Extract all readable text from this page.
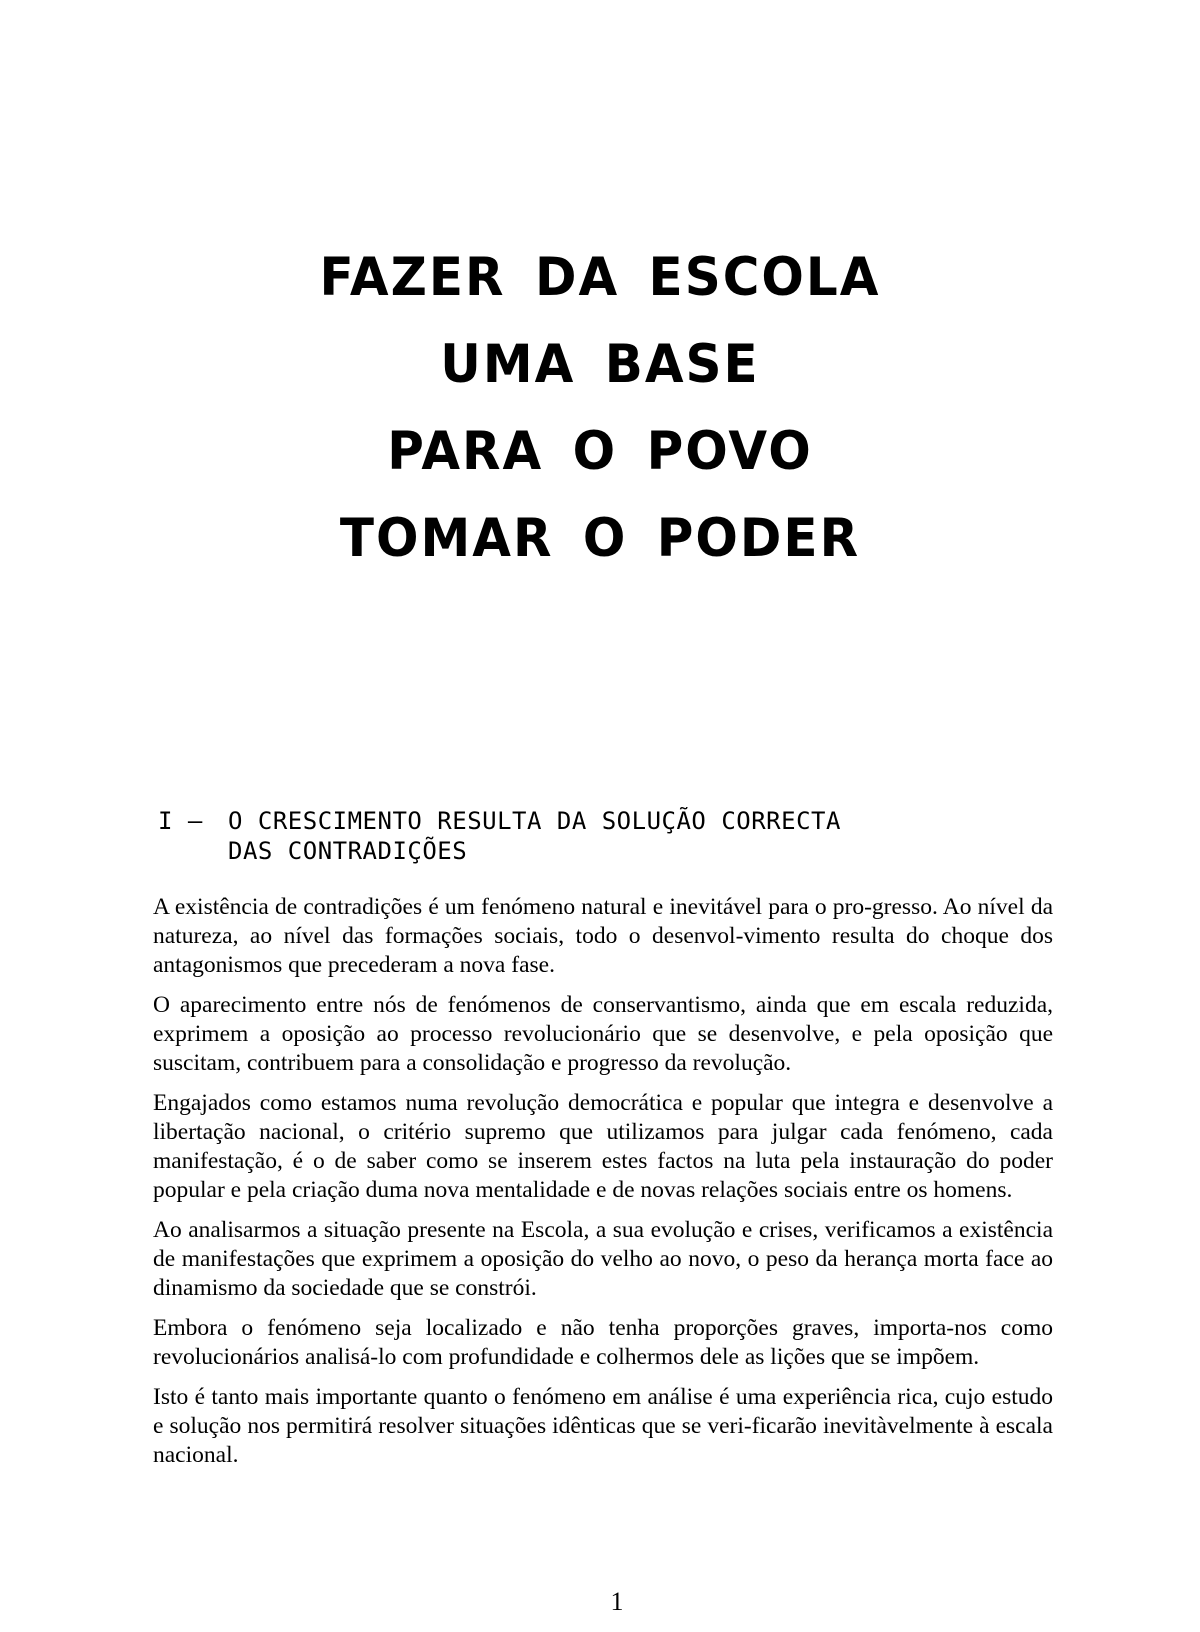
FAZER DA ESCOLA
UMA BASE
PARA O POVO
TOMAR O PODER
I – O CRESCIMENTO RESULTA DA SOLUÇÃO CORRECTA
DAS CONTRADIÇÕES

A existência de contradições é um fenómeno natural e inevitável para o pro-gresso. Ao nível da natureza, ao nível das formações sociais, todo o desenvol-vimento resulta do choque dos antagonismos que precederam a nova fase.

O aparecimento entre nós de fenómenos de conservantismo, ainda que em escala reduzida, exprimem a oposição ao processo revolucionário que se desenvolve, e pela oposição que suscitam, contribuem para a consolidação e progresso da revolução.

Engajados como estamos numa revolução democrática e popular que integra e desenvolve a libertação nacional, o critério supremo que utilizamos para julgar cada fenómeno, cada manifestação, é o de saber como se inserem estes factos na luta pela instauração do poder popular e pela criação duma nova mentalidade e de novas relações sociais entre os homens.

Ao analisarmos a situação presente na Escola, a sua evolução e crises, verificamos a existência de manifestações que exprimem a oposição do velho ao novo, o peso da herança morta face ao dinamismo da sociedade que se constrói.

Embora o fenómeno seja localizado e não tenha proporções graves, importa-nos como revolucionários analisá-lo com profundidade e colhermos dele as lições que se impõem.

Isto é tanto mais importante quanto o fenómeno em análise é uma experiência rica, cujo estudo e solução nos permitirá resolver situações idênticas que se veri-ficarão inevitàvelmente à escala nacional.

1
